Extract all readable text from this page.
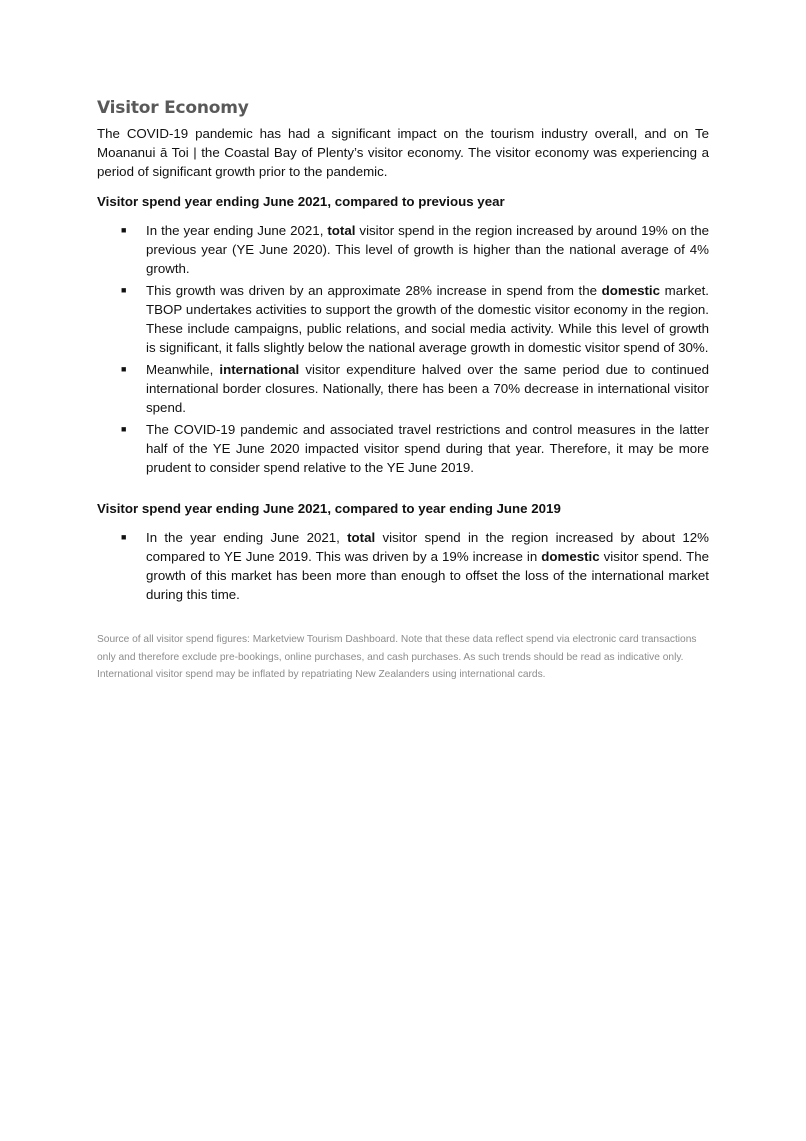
Visitor Economy

The COVID-19 pandemic has had a significant impact on the tourism industry overall, and on Te Moananui ā Toi | the Coastal Bay of Plenty’s visitor economy. The visitor economy was experiencing a period of significant growth prior to the pandemic.

Visitor spend year ending June 2021, compared to previous year

■ In the year ending June 2021, total visitor spend in the region increased by around 19% on the previous year (YE June 2020). This level of growth is higher than the national average of 4% growth.
■ This growth was driven by an approximate 28% increase in spend from the domestic market. TBOP undertakes activities to support the growth of the domestic visitor economy in the region. These include campaigns, public relations, and social media activity. While this level of growth is significant, it falls slightly below the national average growth in domestic visitor spend of 30%.
■ Meanwhile, international visitor expenditure halved over the same period due to continued international border closures. Nationally, there has been a 70% decrease in international visitor spend.
■ The COVID-19 pandemic and associated travel restrictions and control measures in the latter half of the YE June 2020 impacted visitor spend during that year. Therefore, it may be more prudent to consider spend relative to the YE June 2019.

Visitor spend year ending June 2021, compared to year ending June 2019

■ In the year ending June 2021, total visitor spend in the region increased by about 12% compared to YE June 2019. This was driven by a 19% increase in domestic visitor spend. The growth of this market has been more than enough to offset the loss of the international market during this time.

Source of all visitor spend figures: Marketview Tourism Dashboard. Note that these data reflect spend via electronic card transactions only and therefore exclude pre-bookings, online purchases, and cash purchases. As such trends should be read as indicative only. International visitor spend may be inflated by repatriating New Zealanders using international cards.
